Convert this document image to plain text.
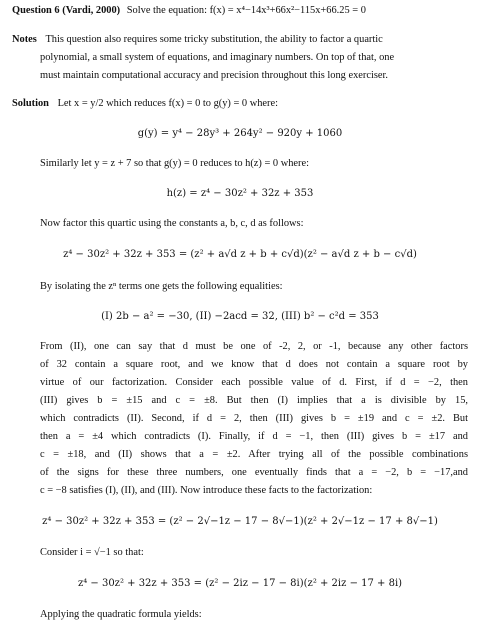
Question 6 (Vardi, 2000) Solve the equation: f(x) = x⁴−14x³+66x²−115x+66.25 = 0
Notes This question also requires some tricky substitution, the ability to factor a quartic
polynomial, a small system of equations, and imaginary numbers. On top of that, one
must maintain computational accuracy and precision throughout this long exerciser.
Solution Let x = y/2 which reduces f(x) = 0 to g(y) = 0 where:
g(y) = y⁴ − 28y³ + 264y² − 920y + 1060
Similarly let y = z + 7 so that g(y) = 0 reduces to h(z) = 0 where:
h(z) = z⁴ − 30z² + 32z + 353
Now factor this quartic using the constants a, b, c, d as follows:
z⁴ − 30z² + 32z + 353 = (z² + a√d z + b + c√d)(z² − a√d z + b − c√d)
By isolating the zⁿ terms one gets the following equalities:
(I) 2b − a² = −30, (II) −2acd = 32, (III) b² − c²d = 353
From (II), one can say that d must be one of -2, 2, or -1, because any other factors
of 32 contain a square root, and we know that d does not contain a square root by
virtue of our factorization. Consider each possible value of d. First, if d = −2, then
(III) gives b = ±15 and c = ±8. But then (I) implies that a is divisible by 15,
which contradicts (II). Second, if d = 2, then (III) gives b = ±19 and c = ±2. But
then a = ±4 which contradicts (I). Finally, if d = −1, then (III) gives b = ±17 and
c = ±18, and (II) shows that a = ±2. After trying all of the possible combinations
of the signs for these three numbers, one eventually finds that a = −2, b = −17,and
c = −8 satisfies (I), (II), and (III). Now introduce these facts to the factorization:
z⁴ − 30z² + 32z + 353 = (z² − 2√−1z − 17 − 8√−1)(z² + 2√−1z − 17 + 8√−1)
Consider i = √−1 so that:
z⁴ − 30z² + 32z + 353 = (z² − 2iz − 17 − 8i)(z² + 2iz − 17 + 8i)
Applying the quadratic formula yields:
